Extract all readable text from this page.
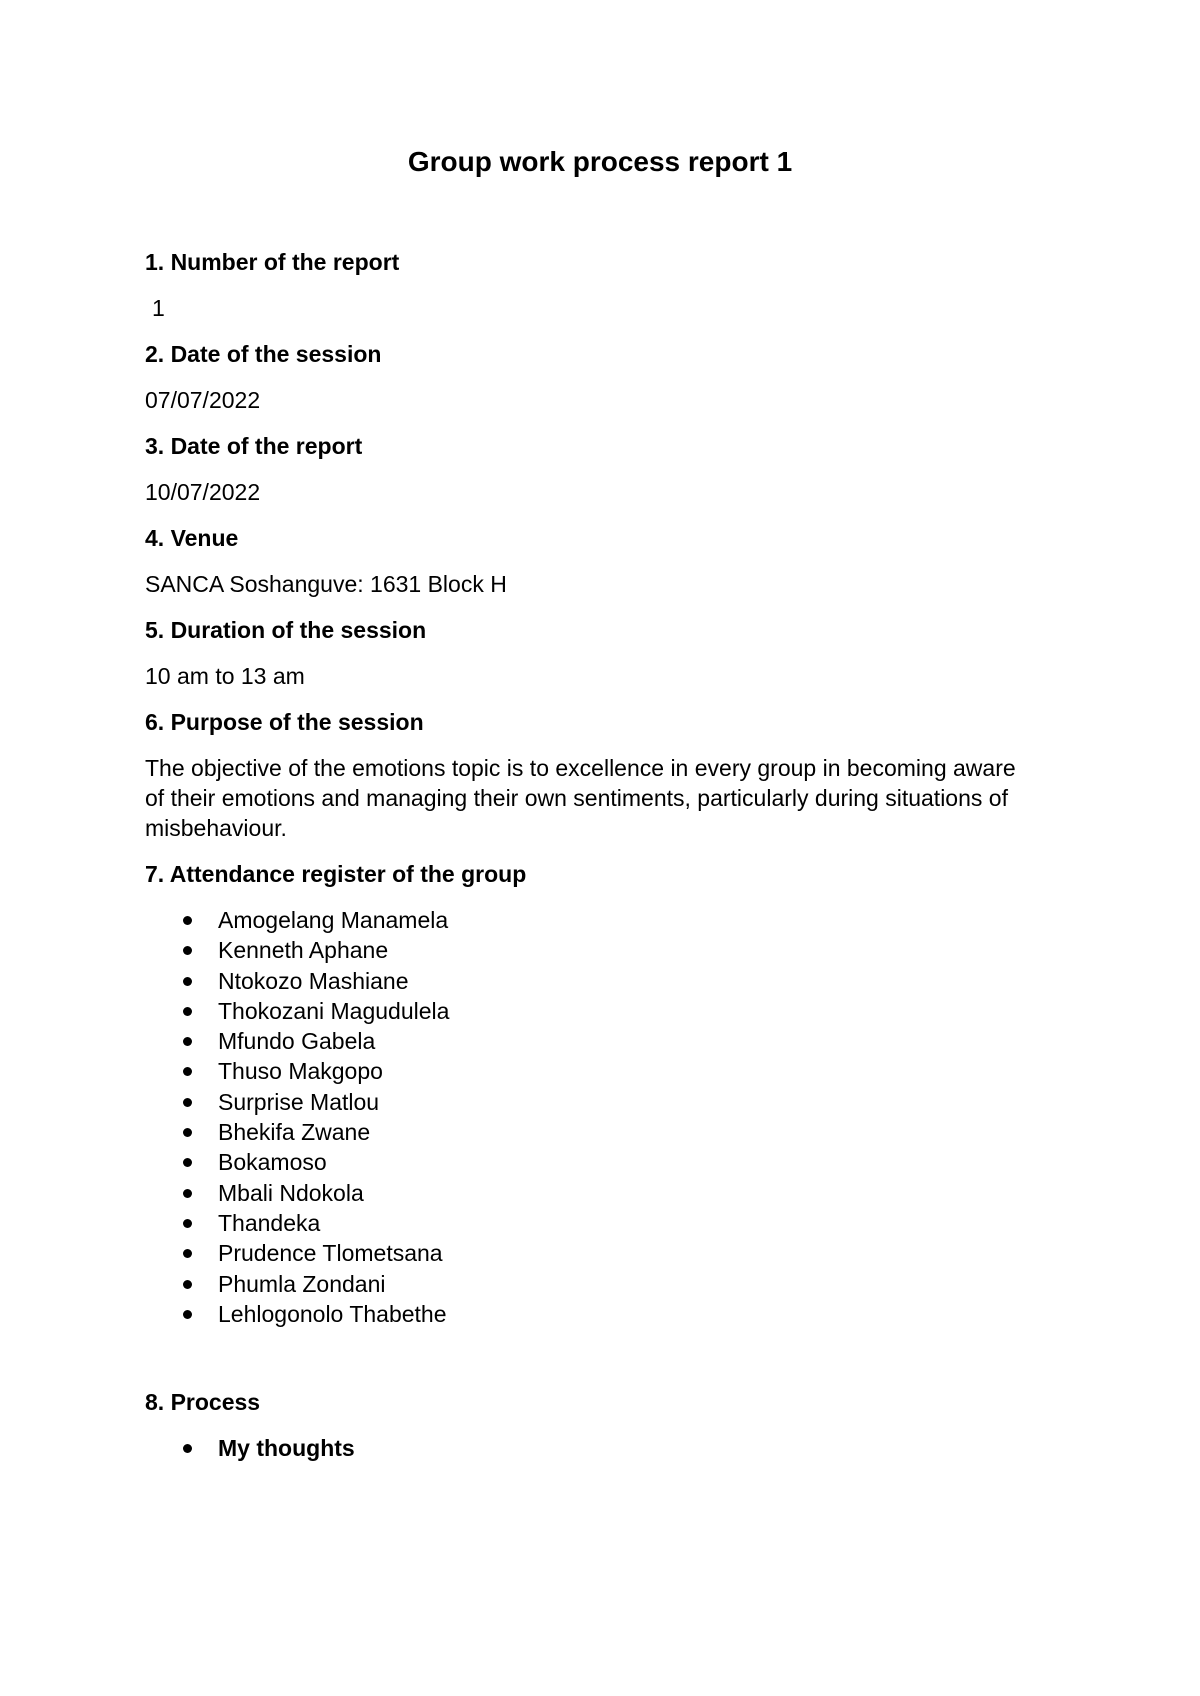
Group work process report 1

1. Number of the report

1

2. Date of the session

07/07/2022

3. Date of the report

10/07/2022

4. Venue

SANCA Soshanguve: 1631 Block H

5. Duration of the session

10 am to 13 am

6. Purpose of the session

The objective of the emotions topic is to excellence in every group in becoming aware of their emotions and managing their own sentiments, particularly during situations of misbehaviour.

7. Attendance register of the group

Amogelang Manamela
Kenneth Aphane
Ntokozo Mashiane
Thokozani Magudulela
Mfundo Gabela
Thuso Makgopo
Surprise Matlou
Bhekifa Zwane
Bokamoso
Mbali Ndokola
Thandeka
Prudence Tlometsana
Phumla Zondani
Lehlogonolo Thabethe

8. Process

My thoughts
